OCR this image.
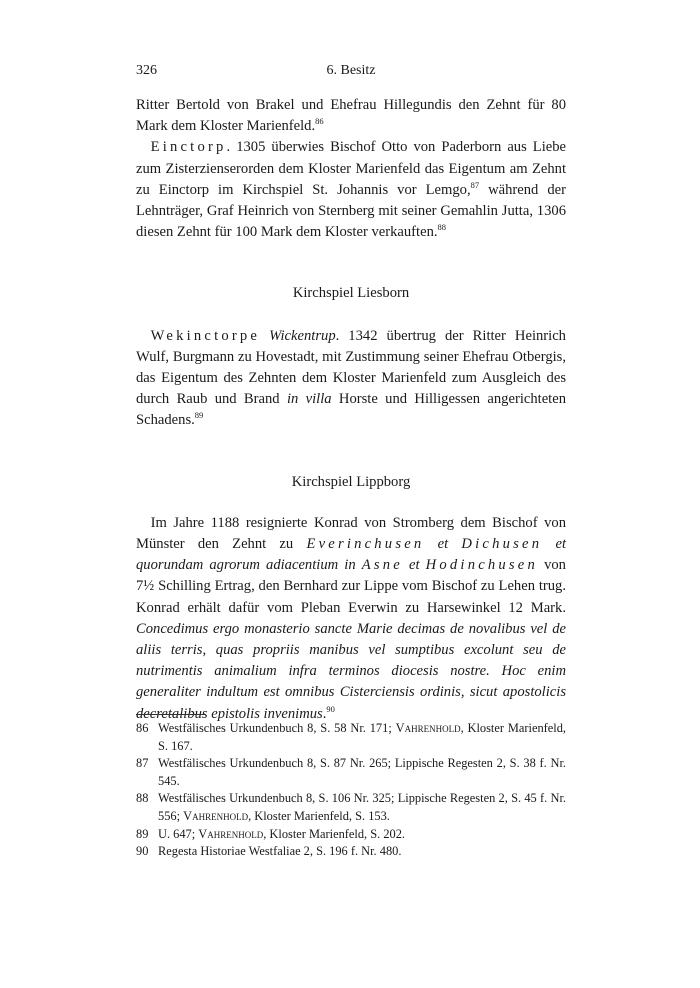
326	6. Besitz

Ritter Bertold von Brakel und Ehefrau Hillegundis den Zehnt für 80 Mark dem Kloster Marienfeld.$^{86}$

Einctorp. 1305 überwies Bischof Otto von Paderborn aus Liebe zum Zisterzienserorden dem Kloster Marienfeld das Eigentum am Zehnt zu Einctorp im Kirchspiel St. Johannis vor Lemgo,$^{87}$ während der Lehnträger, Graf Heinrich von Sternberg mit seiner Gemahlin Jutta, 1306 diesen Zehnt für 100 Mark dem Kloster verkauften.$^{88}$

Kirchspiel Liesborn

Wekinctorpe Wickentrup. 1342 übertrug der Ritter Heinrich Wulf, Burgmann zu Hovestadt, mit Zustimmung seiner Ehefrau Otbergis, das Eigentum des Zehnten dem Kloster Marienfeld zum Ausgleich des durch Raub und Brand in villa Horste und Hilligessen angerichteten Schadens.$^{89}$

Kirchspiel Lippborg

Im Jahre 1188 resignierte Konrad von Stromberg dem Bischof von Münster den Zehnt zu Everinchusen et Dichusen et quorundam agrorum adiacentium in Asne et Hodinchusen von 7½ Schilling Ertrag, den Bernhard zur Lippe vom Bischof zu Lehen trug. Konrad erhält dafür vom Pleban Everwin zu Harsewinkel 12 Mark. Concedimus ergo monasterio sancte Marie decimas de novalibus vel de aliis terris, quas propriis manibus vel sumptibus excolunt seu de nutrimentis animalium infra terminos diocesis nostre. Hoc enim generaliter indultum est omnibus Cisterciensis ordinis, sicut apostolicis decretalibus epistolis invenimus.$^{90}$

86 Westfälisches Urkundenbuch 8, S. 58 Nr. 171; Vahrenhold, Kloster Marienfeld, S. 167.
87 Westfälisches Urkundenbuch 8, S. 87 Nr. 265; Lippische Regesten 2, S. 38 f. Nr. 545.
88 Westfälisches Urkundenbuch 8, S. 106 Nr. 325; Lippische Regesten 2, S. 45 f. Nr. 556; Vahrenhold, Kloster Marienfeld, S. 153.
89 U. 647; Vahrenhold, Kloster Marienfeld, S. 202.
90 Regesta Historiae Westfaliae 2, S. 196 f. Nr. 480.
